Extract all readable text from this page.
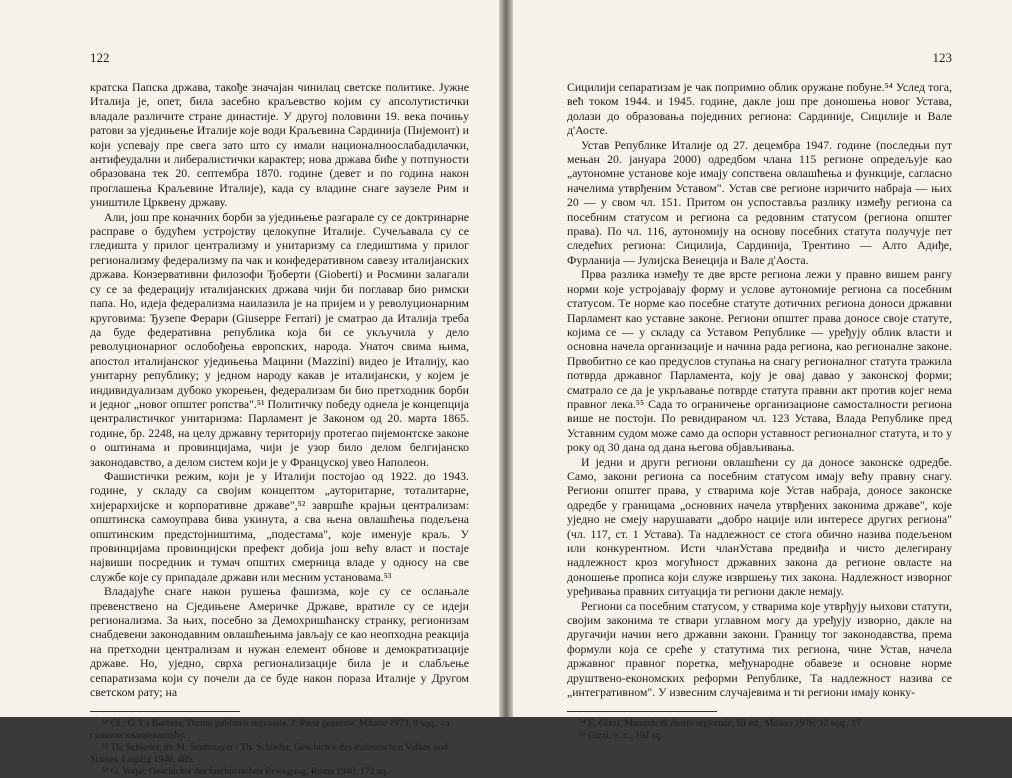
122

кратска Папска држава, такође значајан чинилац светске политике. Јужне Италија је, опет, била засебно краљевство којим су апсолутистички владале различите стране династије. У другој половини 19. века почињу ратови за уједињење Италије које води Краљевина Сардинија (Пијемонт) и који успевају пре свега зато што су имали националноослабадилачки, антифеудални и либералистички карактер; нова држава биће у потпуности образована тек 20. септембра 1870. године (девет и по година након проглашења Краљевине Италије), када су владине снаге заузеле Рим и уништиле Црквену државу.

Али, још пре коначних борби за уједињење разгарале су се доктринарне расправе о будућем устројству целокупне Италије. Сучељавала су се гледишта у прилог централизму и унитаризму са гледиштима у прилог регионализму федерализму па чак и конфедеративном савезу италијанских држава. Конзервативни филозофи Ђоберти (Gioberti) и Росмини залагали су се за федерацију италијанских држава чији би поглавар био римски папа. Но, идеја федерализма наилазила је на пријем и у револуционарним круговима: Ђузепе Ферари (Giuseppe Ferrari) је сматрао да Италија треба да буде федеративна република која би се укључила у дело револуционарног ослобођења европских, народа. Унаточ свима њима, апостол италијанског уједињења Мацини (Mazzini) видео је Италију, као унитарну републику; у једном народу какав је италијански, у којем је индивидуализам дубоко укорењен, федерализам би био претходник борби и једног „новог општег ропства".⁵¹ Политичку победу однела је концепција централистичког унитаризма: Парламент је Законом од 20. марта 1865. године, бр. 2248, на целу државну територију протегао пијемонтске законе о оштинама и провинцијама, чији је узор било делом белгијанско законодавство, а делом систем који је у Француској увео Наполеон.

Фашистички режим, који је у Италији постојао од 1922. до 1943. године, у складу са својим концептом „ауторитарне, тоталитарне, хијерархијске и корпоративне државе",⁵² завршће крајњи централизам: општинска самоуправа бива укинута, а сва њена овлашћења подељена општинским предстојништима, „подестама", које именује краљ. У провинцијама провинцијски префект добија још већу власт и постаје највиши посредник и тумач општих смерница владе у односу на све службе које су припадале држави или месним установама.⁵³

Владајуће снаге након рушења фашизма, које су се ослањале превенствено на Сједињене Америчке Државе, вратиле су се идеји регионализма. За њих, посебно за Демохришћанску странку, регионизам снабдевени законодавним овлашћењима јављају се као неопходна реакција на претходни централизам и нужан елемент обнове и демократизације државе. Но, уједно, сврха регионализације била је и слабљење сепаратизама који су почели да се буде након пораза Италије у Другом светском рату; на

⁵¹ Cf.: G. La Barbera, Diritto pubblico regionale, I: Parte generale, Milano 1973, 9 sqq., са главном књижевношћу.

⁵² Th. Schieder, in: M. Seidlmayer / Th. Schieder, Geschichte des italienischen Volkes und Staates, Leipzig 1940, 489.

⁵³ G. Volpe, Geschichte der faschistischen Bewegung, Roma 1940, 172 sq.

123

Сицилији сепаратизам је чак попримио облик оружане побуне.⁵⁴ Услед тога, већ током 1944. и 1945. године, дакле још пре доношења новог Устава, долази до образовања појединих региона: Сардиније, Сицилије и Вале д'Аосте.

Устав Републике Италије од 27. децембра 1947. године (последњи пут мењан 20. јануара 2000) одредбом члана 115 регионе опредељује као „аутономне установе које имају сопствена овлашћења и функције, сагласно начелима утврђеним Уставом". Устав све регионе изричито набраја — њих 20 — у свом чл. 151. Притом он успоставља разлику између региона са посебним статусом и региона са редовним статусом (региона општег права). По чл. 116, аутономију на основу посебних статута получује пет следећих региона: Сицилија, Сардинија, Трентино — Алто Адиђе, Фурланија — Јулијска Венеција и Вале д'Аоста.

Прва разлика између те две врсте региона лежи у правно вишем рангу норми које устројавају форму и услове аутономије региона са посебним статусом. Те норме као посебне статуте дотичних региона доноси државни Парламент као уставне законе. Региони општег права доносе своје статуте, којима се — у складу са Уставом Републике — уређују облик власти и основна начела организације и начина рада региона, као регионалне законе. Првобитно се као предуслов ступања на снагу регионалног статута тражила потврда државног Парламента, коју је овај давао у законској форми; сматрало се да је укрљавање потврде статута правни акт против којег нема правног лека.⁵⁵ Сада то ограничење организационе самосталности региона више не постоји. По ревидираном чл. 123 Устава, Влада Републике пред Уставним судом може само да оспори уставност регионалног статута, и то у року од 30 дана од дана његова објављивања.

И једни и други региони овлашћени су да доносе законске одредбе. Само, закони региона са посебним статусом имају већу правну снагу. Региони општег права, у стварима које Устав набраја, доносе законске одредбе у границама „основних начела утврђених законима државе", које уједно не смеју нарушавати „добро нације или интересе других региона" (чл. 117, ст. 1 Устава). Та надлежност се стога обично назива подељеном или конкурентном. Исти чланУстава предвиђа и чисто делегирану надлежност кроз могућност државних закона да регионе овласте на доношење прописа који служе извршењу тих закона. Надлежност изворног уређивања правних ситуација ти региони дакле немају.

Региони са посебним статусом, у стварима које утврђују њихови статути, својим законима те ствари углавном могу да уређују изворно, дакле на другачији начин него државни закони. Границу тог законодавства, према формули која се среће у статутима тих региона, чине Устав, начела државног правног поретка, међународне обавезе и основне норме друштвено-економских реформи Републике, Та надлежност назива се „интегративном". У извесним случајевима и ти региони имају конку-

⁵⁴ E. Gizzi, Manuale di diritto regionale, III ed., Milano 1976, 12 sqq., 17

⁵⁵ Gizzi, o. c., 192 sq.
